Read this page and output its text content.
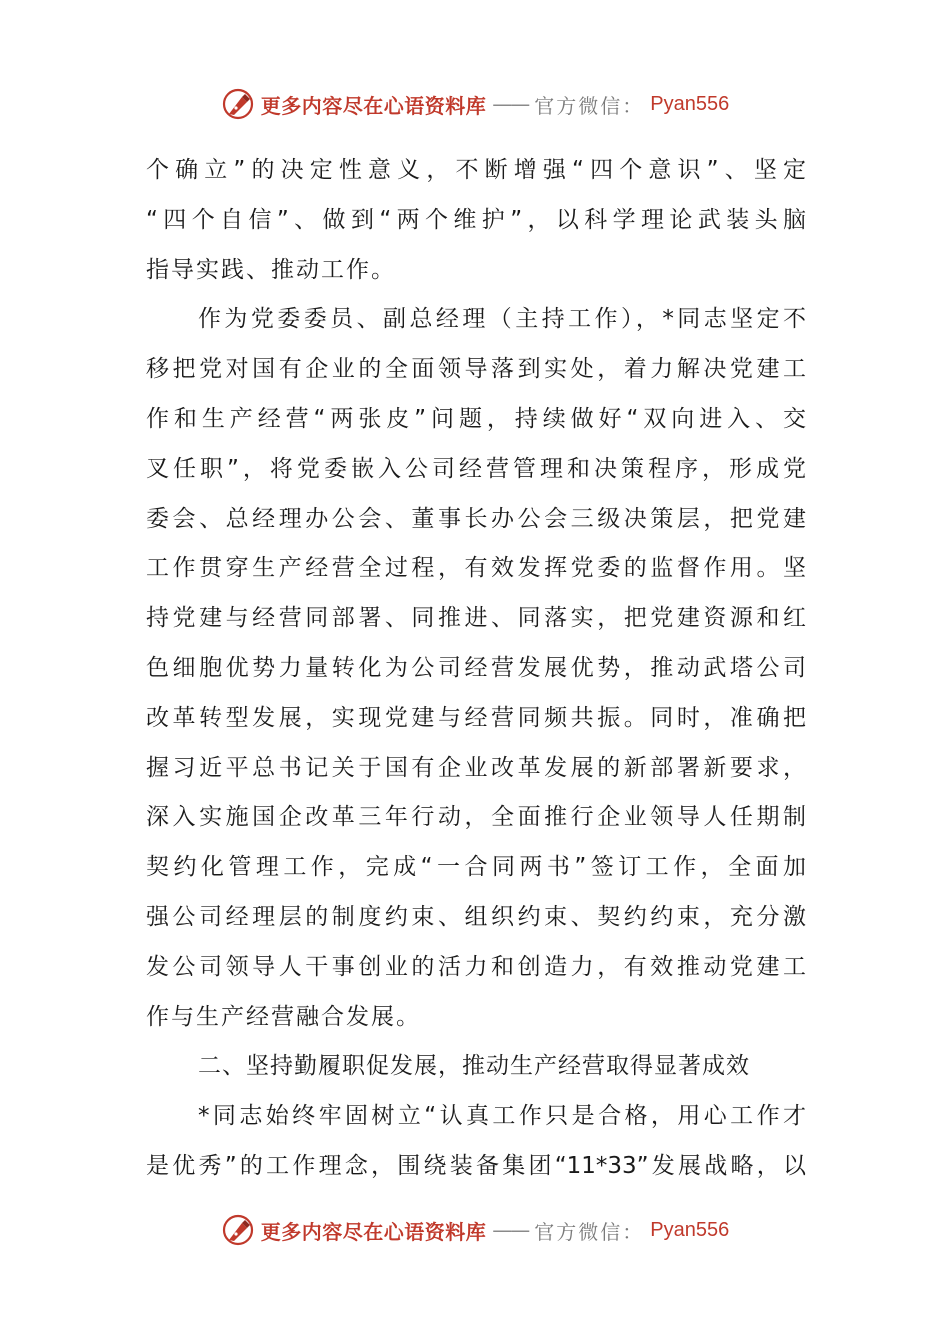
更多内容尽在心语资料库 —— 官方微信： Pyan556
个确立”的决定性意义，不断增强“四个意识”、坚定
“四个自信”、做到“两个维护”，以科学理论武装头脑
指导实践、推动工作。
作为党委委员、副总经理（主持工作），*同志坚定不
移把党对国有企业的全面领导落到实处，着力解决党建工
作和生产经营“两张皮”问题，持续做好“双向进入、交
叉任职”，将党委嵌入公司经营管理和决策程序，形成党
委会、总经理办公会、董事长办公会三级决策层，把党建
工作贯穿生产经营全过程，有效发挥党委的监督作用。坚
持党建与经营同部署、同推进、同落实，把党建资源和红
色细胞优势力量转化为公司经营发展优势，推动武塔公司
改革转型发展，实现党建与经营同频共振。同时，准确把
握习近平总书记关于国有企业改革发展的新部署新要求，
深入实施国企改革三年行动，全面推行企业领导人任期制
契约化管理工作，完成“一合同两书”签订工作，全面加
强公司经理层的制度约束、组织约束、契约约束，充分激
发公司领导人干事创业的活力和创造力，有效推动党建工
作与生产经营融合发展。
二、坚持勤履职促发展，推动生产经营取得显著成效
*同志始终牢固树立“认真工作只是合格，用心工作才
是优秀”的工作理念，围绕装备集团“11*33”发展战略，以
更多内容尽在心语资料库 —— 官方微信： Pyan556
